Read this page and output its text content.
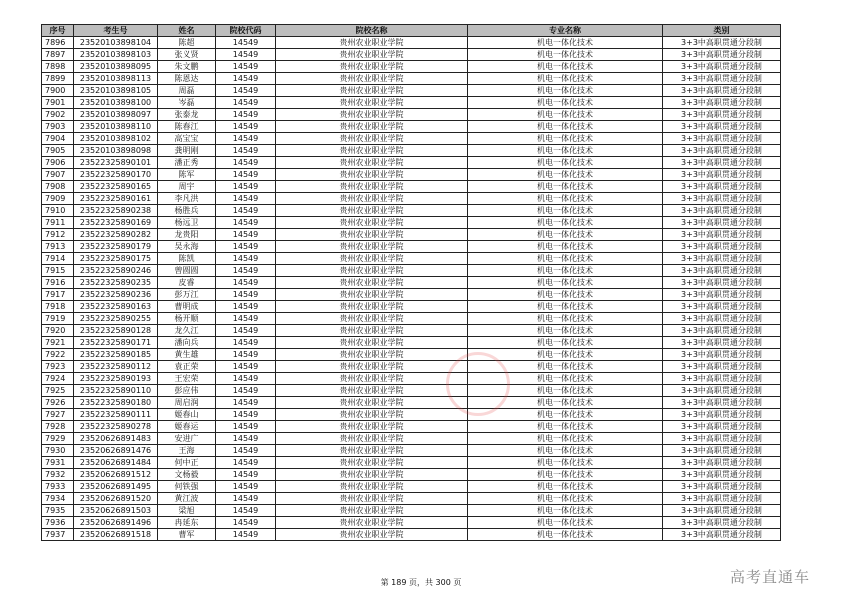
序号	考生号	姓名	院校代码	院校名称	专业名称	类别
7896	23520103898104	陈超	14549	贵州农业职业学院	机电一体化技术	3+3中高职贯通分段制
7897	23520103898103	张义贤	14549	贵州农业职业学院	机电一体化技术	3+3中高职贯通分段制
7898	23520103898095	朱文鹏	14549	贵州农业职业学院	机电一体化技术	3+3中高职贯通分段制
7899	23520103898113	陈恩达	14549	贵州农业职业学院	机电一体化技术	3+3中高职贯通分段制
7900	23520103898105	周磊	14549	贵州农业职业学院	机电一体化技术	3+3中高职贯通分段制
7901	23520103898100	岑磊	14549	贵州农业职业学院	机电一体化技术	3+3中高职贯通分段制
7902	23520103898097	张泰龙	14549	贵州农业职业学院	机电一体化技术	3+3中高职贯通分段制
7903	23520103898110	陈春江	14549	贵州农业职业学院	机电一体化技术	3+3中高职贯通分段制
7904	23520103898102	高宝宝	14549	贵州农业职业学院	机电一体化技术	3+3中高职贯通分段制
7905	23520103898098	龚明刚	14549	贵州农业职业学院	机电一体化技术	3+3中高职贯通分段制
7906	23522325890101	潘正秀	14549	贵州农业职业学院	机电一体化技术	3+3中高职贯通分段制
7907	23522325890170	陈军	14549	贵州农业职业学院	机电一体化技术	3+3中高职贯通分段制
7908	23522325890165	周宇	14549	贵州农业职业学院	机电一体化技术	3+3中高职贯通分段制
7909	23522325890161	李凡洪	14549	贵州农业职业学院	机电一体化技术	3+3中高职贯通分段制
7910	23522325890238	杨胜兵	14549	贵州农业职业学院	机电一体化技术	3+3中高职贯通分段制
7911	23522325890169	杨远卫	14549	贵州农业职业学院	机电一体化技术	3+3中高职贯通分段制
7912	23522325890282	龙贵阳	14549	贵州农业职业学院	机电一体化技术	3+3中高职贯通分段制
7913	23522325890179	吴永海	14549	贵州农业职业学院	机电一体化技术	3+3中高职贯通分段制
7914	23522325890175	陈凯	14549	贵州农业职业学院	机电一体化技术	3+3中高职贯通分段制
7915	23522325890246	曾圆圆	14549	贵州农业职业学院	机电一体化技术	3+3中高职贯通分段制
7916	23522325890235	皮睿	14549	贵州农业职业学院	机电一体化技术	3+3中高职贯通分段制
7917	23522325890236	彭万江	14549	贵州农业职业学院	机电一体化技术	3+3中高职贯通分段制
7918	23522325890163	曹明成	14549	贵州农业职业学院	机电一体化技术	3+3中高职贯通分段制
7919	23522325890255	杨开顺	14549	贵州农业职业学院	机电一体化技术	3+3中高职贯通分段制
7920	23522325890128	龙久江	14549	贵州农业职业学院	机电一体化技术	3+3中高职贯通分段制
7921	23522325890171	潘向兵	14549	贵州农业职业学院	机电一体化技术	3+3中高职贯通分段制
7922	23522325890185	黄生雄	14549	贵州农业职业学院	机电一体化技术	3+3中高职贯通分段制
7923	23522325890112	袁正荣	14549	贵州农业职业学院	机电一体化技术	3+3中高职贯通分段制
7924	23522325890193	王宏荣	14549	贵州农业职业学院	机电一体化技术	3+3中高职贯通分段制
7925	23522325890110	彭应伟	14549	贵州农业职业学院	机电一体化技术	3+3中高职贯通分段制
7926	23522325890180	周启润	14549	贵州农业职业学院	机电一体化技术	3+3中高职贯通分段制
7927	23522325890111	姬春山	14549	贵州农业职业学院	机电一体化技术	3+3中高职贯通分段制
7928	23522325890278	姬春运	14549	贵州农业职业学院	机电一体化技术	3+3中高职贯通分段制
7929	23520626891483	安进广	14549	贵州农业职业学院	机电一体化技术	3+3中高职贯通分段制
7930	23520626891476	王海	14549	贵州农业职业学院	机电一体化技术	3+3中高职贯通分段制
7931	23520626891484	何中正	14549	贵州农业职业学院	机电一体化技术	3+3中高职贯通分段制
7932	23520626891512	文杨毅	14549	贵州农业职业学院	机电一体化技术	3+3中高职贯通分段制
7933	23520626891495	何铁强	14549	贵州农业职业学院	机电一体化技术	3+3中高职贯通分段制
7934	23520626891520	黄江波	14549	贵州农业职业学院	机电一体化技术	3+3中高职贯通分段制
7935	23520626891503	梁旭	14549	贵州农业职业学院	机电一体化技术	3+3中高职贯通分段制
7936	23520626891496	冉延东	14549	贵州农业职业学院	机电一体化技术	3+3中高职贯通分段制
7937	23520626891518	曹军	14549	贵州农业职业学院	机电一体化技术	3+3中高职贯通分段制
第 189 页，共 300 页	高考直通车
